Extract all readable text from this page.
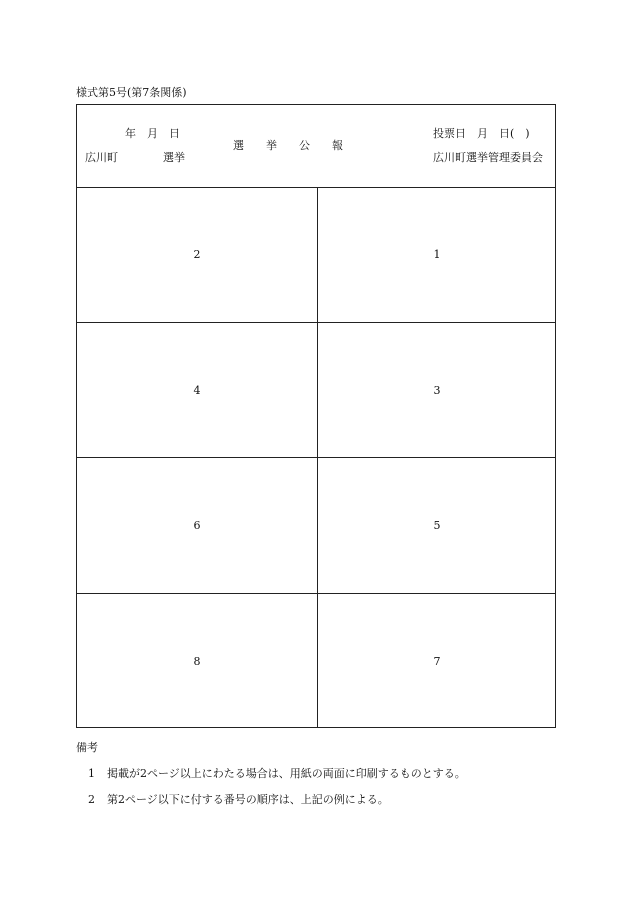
様式第5号(第7条関係)
年　月　日
広川町	選挙
選　　挙　　公　　報
投票日　月　日(　)
広川町選挙管理委員会
2	1
4	3
6	5
8	7
備考
1 掲載が2ページ以上にわたる場合は、用紙の両面に印刷するものとする。
2 第2ページ以下に付する番号の順序は、上記の例による。
